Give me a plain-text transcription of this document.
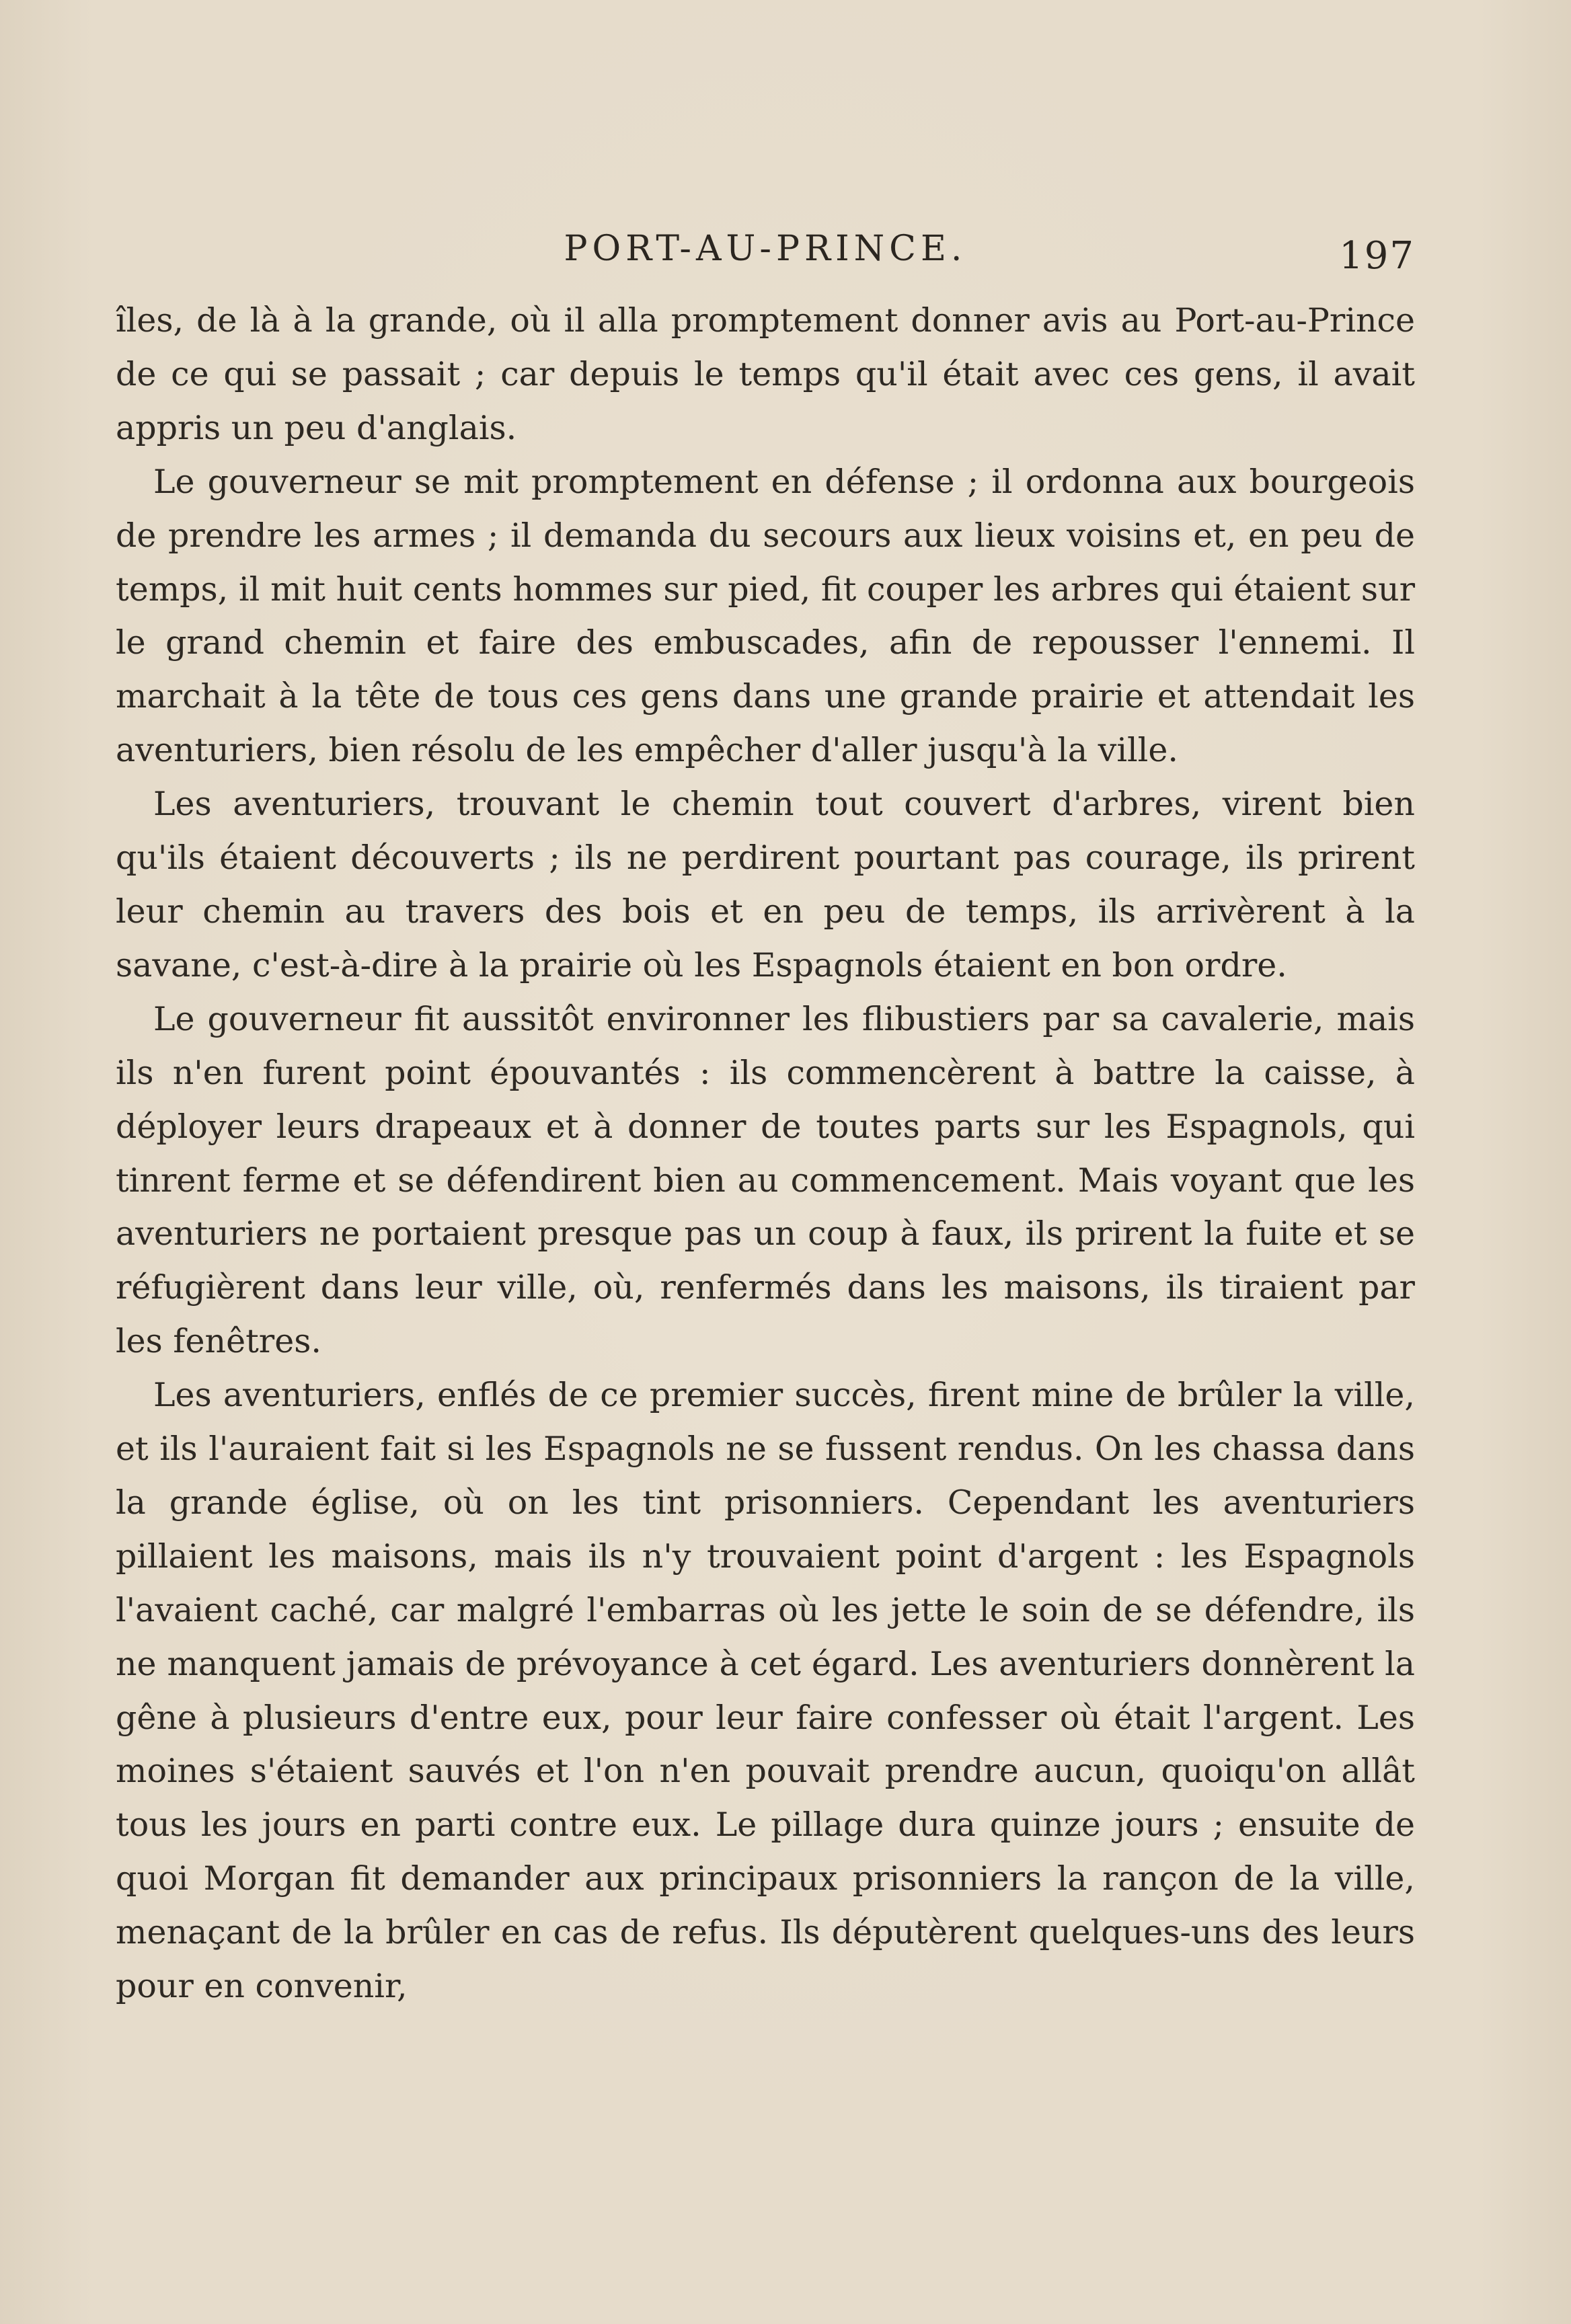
PORT-AU-PRINCE.	197

îles, de là à la grande, où il alla promptement donner avis au Port-au-Prince de ce qui se passait ; car depuis le temps qu'il était avec ces gens, il avait appris un peu d'anglais.

Le gouverneur se mit promptement en défense ; il ordonna aux bourgeois de prendre les armes ; il demanda du secours aux lieux voisins et, en peu de temps, il mit huit cents hommes sur pied, fit couper les arbres qui étaient sur le grand chemin et faire des embuscades, afin de repousser l'ennemi. Il marchait à la tête de tous ces gens dans une grande prairie et attendait les aventuriers, bien résolu de les empêcher d'aller jusqu'à la ville.

Les aventuriers, trouvant le chemin tout couvert d'arbres, virent bien qu'ils étaient découverts ; ils ne perdirent pourtant pas courage, ils prirent leur chemin au travers des bois et en peu de temps, ils arrivèrent à la savane, c'est-à-dire à la prairie où les Espagnols étaient en bon ordre.

Le gouverneur fit aussitôt environner les flibustiers par sa cavalerie, mais ils n'en furent point épouvantés : ils commencèrent à battre la caisse, à déployer leurs drapeaux et à donner de toutes parts sur les Espagnols, qui tinrent ferme et se défendirent bien au commencement. Mais voyant que les aventuriers ne portaient presque pas un coup à faux, ils prirent la fuite et se réfugièrent dans leur ville, où, renfermés dans les maisons, ils tiraient par les fenêtres.

Les aventuriers, enflés de ce premier succès, firent mine de brûler la ville, et ils l'auraient fait si les Espagnols ne se fussent rendus. On les chassa dans la grande église, où on les tint prisonniers. Cependant les aventuriers pillaient les maisons, mais ils n'y trouvaient point d'argent : les Espagnols l'avaient caché, car malgré l'embarras où les jette le soin de se défendre, ils ne manquent jamais de prévoyance à cet égard. Les aventuriers donnèrent la gêne à plusieurs d'entre eux, pour leur faire confesser où était l'argent. Les moines s'étaient sauvés et l'on n'en pouvait prendre aucun, quoiqu'on allât tous les jours en parti contre eux. Le pillage dura quinze jours ; ensuite de quoi Morgan fit demander aux principaux prisonniers la rançon de la ville, menaçant de la brûler en cas de refus. Ils députèrent quelques-uns des leurs pour en convenir,
